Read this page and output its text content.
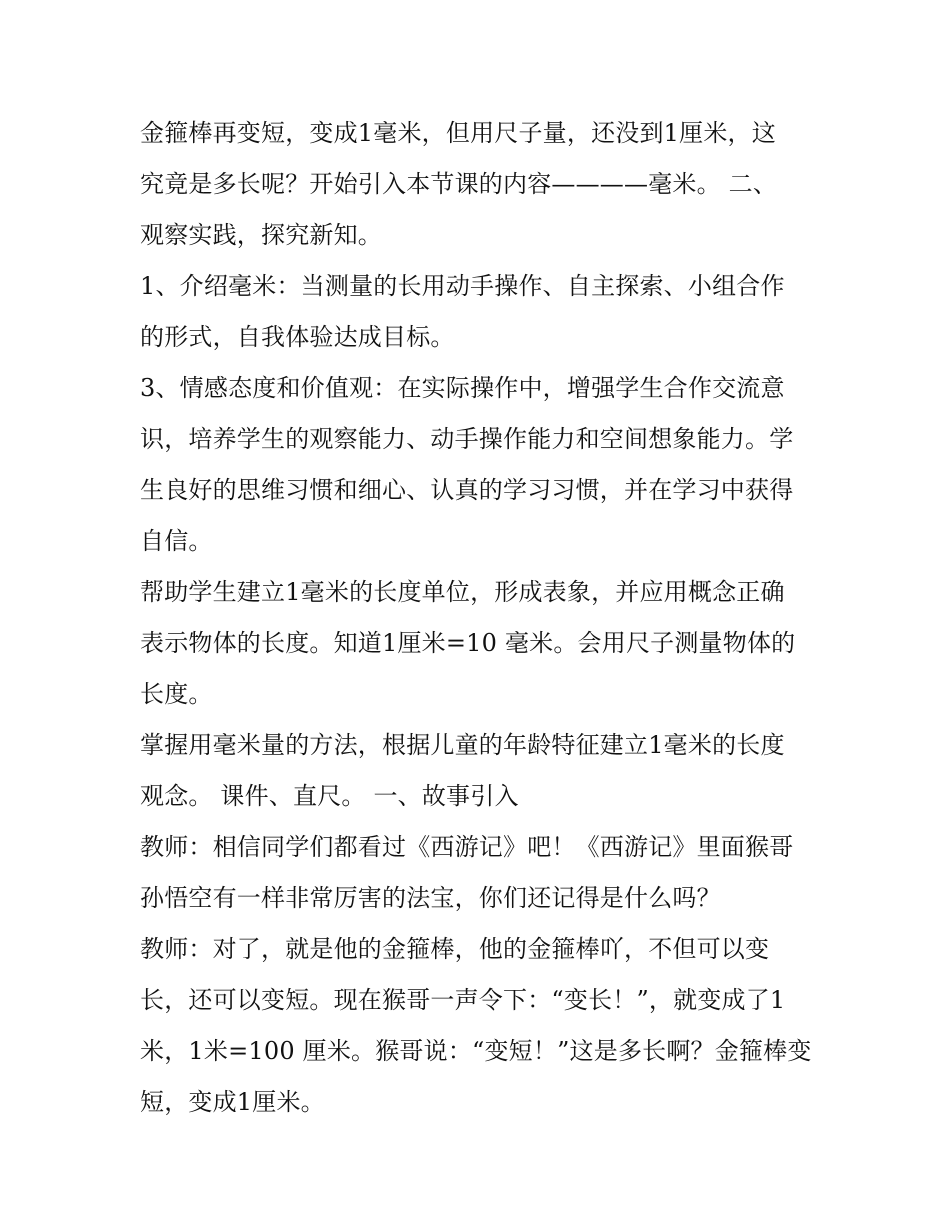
金箍棒再变短，变成1毫米，但用尺子量，还没到1厘米，这
究竟是多长呢？开始引入本节课的内容————毫米。 二、
观察实践，探究新知。
1、介绍毫米：当测量的长用动手操作、自主探索、小组合作
的形式，自我体验达成目标。
3、情感态度和价值观：在实际操作中，增强学生合作交流意
识，培养学生的观察能力、动手操作能力和空间想象能力。学
生良好的思维习惯和细心、认真的学习习惯，并在学习中获得
自信。
帮助学生建立1毫米的长度单位，形成表象，并应用概念正确
表示物体的长度。知道1厘米=10 毫米。会用尺子测量物体的
长度。
掌握用毫米量的方法，根据儿童的年龄特征建立1毫米的长度
观念。 课件、直尺。 一、故事引入
教师：相信同学们都看过《西游记》吧！《西游记》里面猴哥
孙悟空有一样非常厉害的法宝，你们还记得是什么吗？
教师：对了，就是他的金箍棒，他的金箍棒吖，不但可以变
长，还可以变短。现在猴哥一声令下：“变长！”，就变成了1
米，1米=100 厘米。猴哥说：“变短！”这是多长啊？金箍棒变
短，变成1厘米。
